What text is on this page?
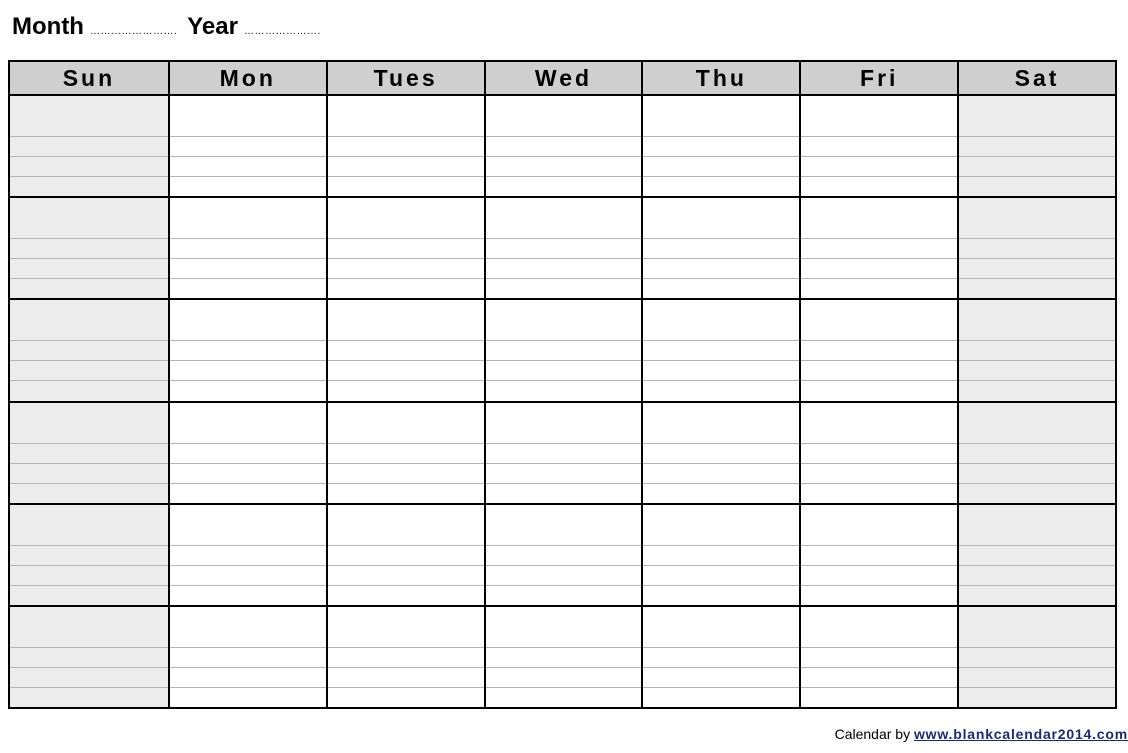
Month ……………………. Year ………………….
Sun	Mon	Tues	Wed	Thu	Fri	Sat
Calendar by www.blankcalendar2014.com
